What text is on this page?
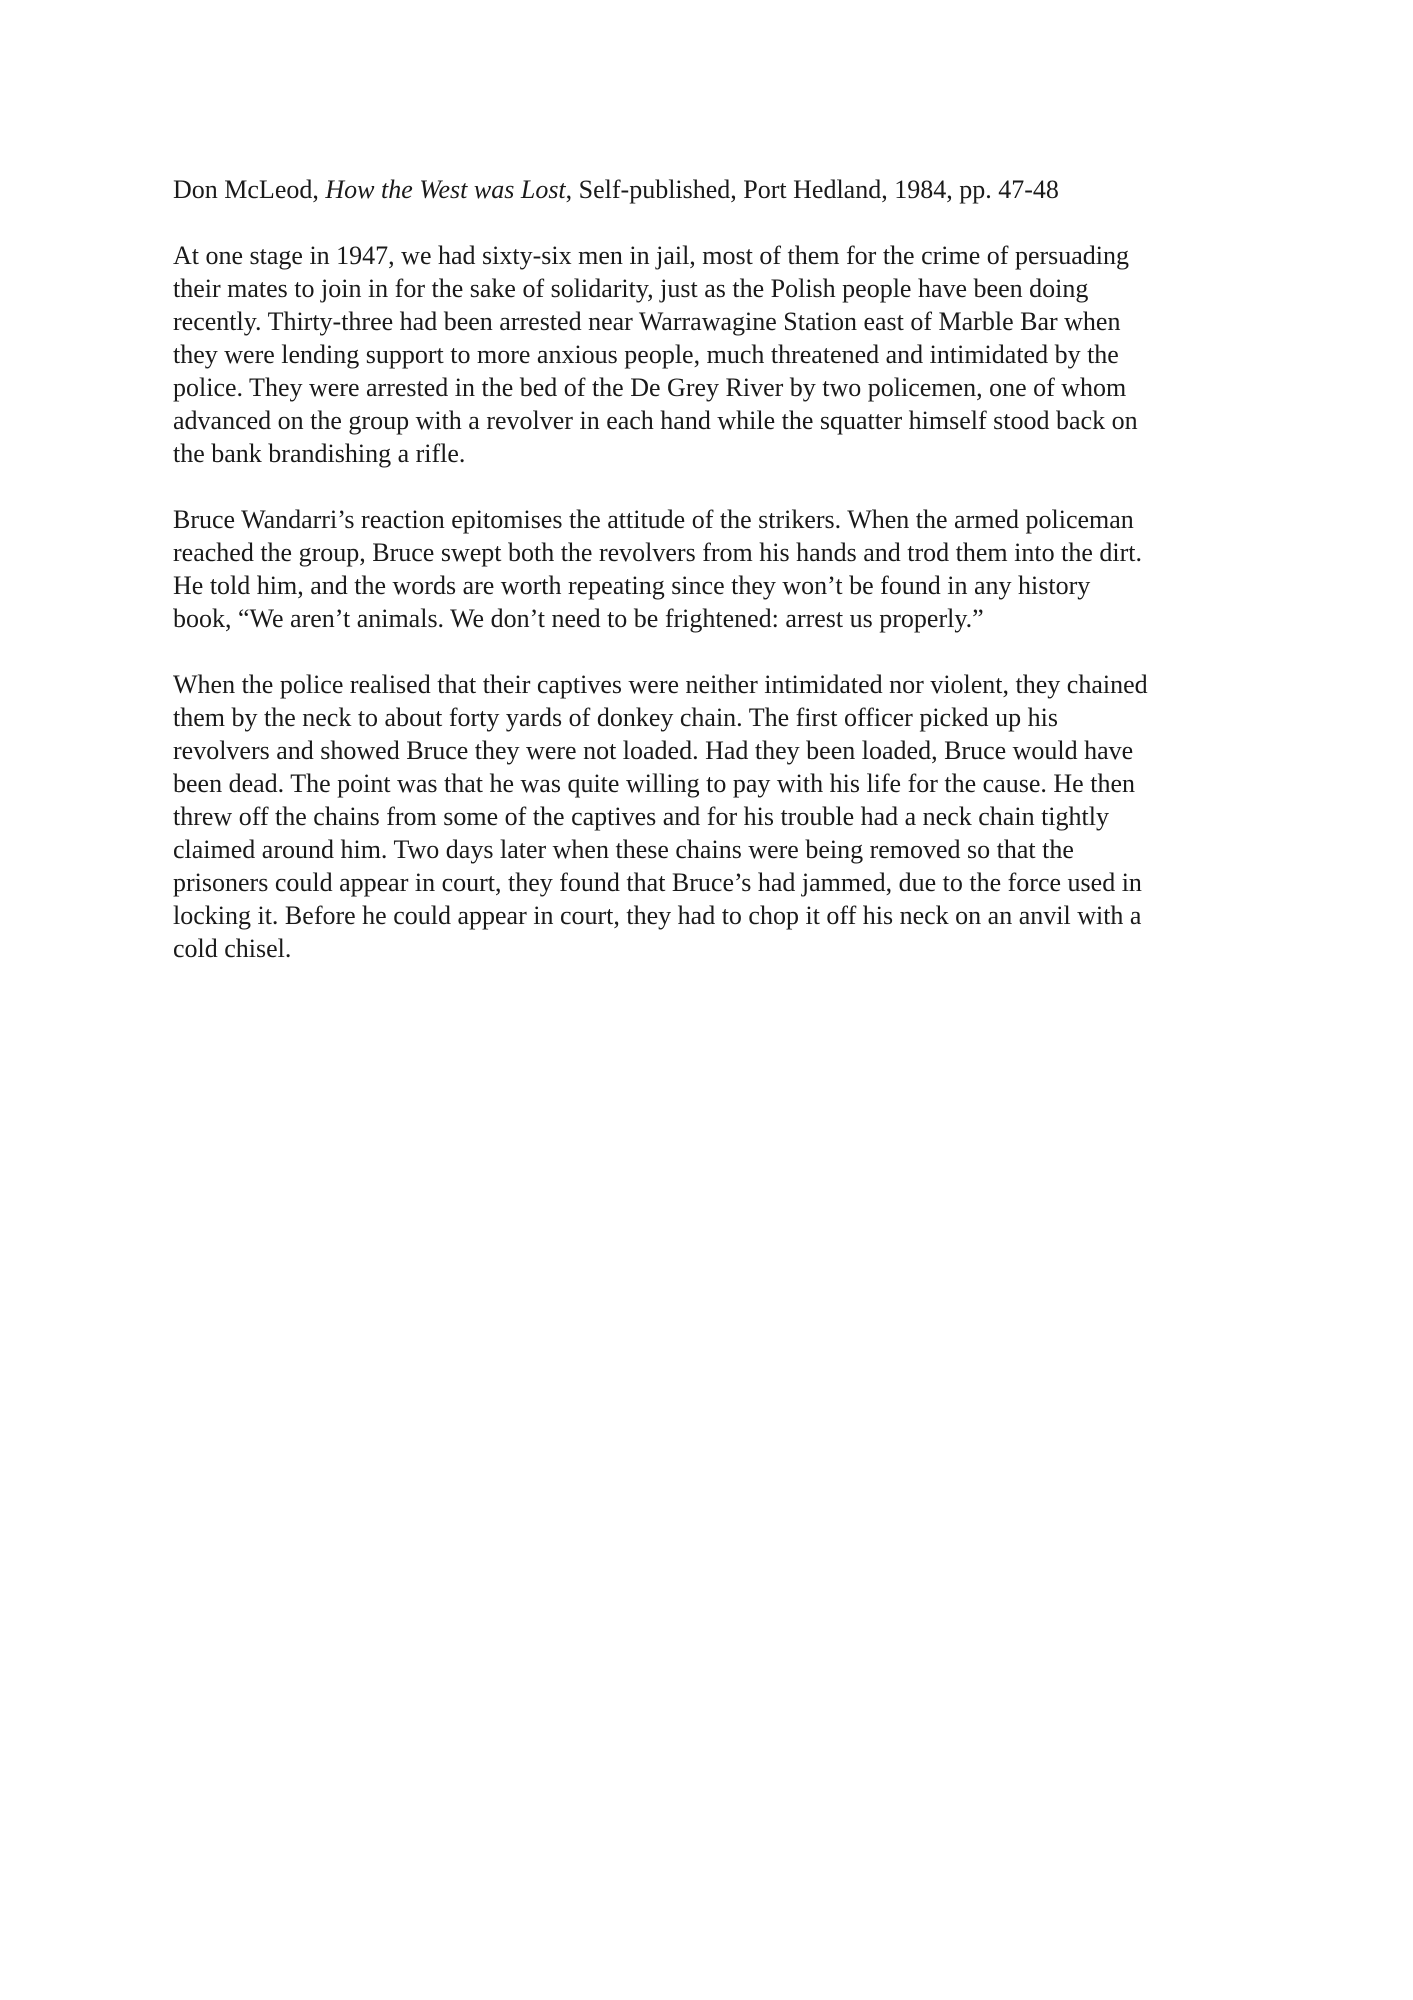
Don McLeod, How the West was Lost, Self-published, Port Hedland, 1984, pp. 47-48

At one stage in 1947, we had sixty-six men in jail, most of them for the crime of persuading
their mates to join in for the sake of solidarity, just as the Polish people have been doing
recently. Thirty-three had been arrested near Warrawagine Station east of Marble Bar when
they were lending support to more anxious people, much threatened and intimidated by the
police. They were arrested in the bed of the De Grey River by two policemen, one of whom
advanced on the group with a revolver in each hand while the squatter himself stood back on
the bank brandishing a rifle.

Bruce Wandarri’s reaction epitomises the attitude of the strikers. When the armed policeman
reached the group, Bruce swept both the revolvers from his hands and trod them into the dirt.
He told him, and the words are worth repeating since they won’t be found in any history
book, “We aren’t animals. We don’t need to be frightened: arrest us properly.”

When the police realised that their captives were neither intimidated nor violent, they chained
them by the neck to about forty yards of donkey chain. The first officer picked up his
revolvers and showed Bruce they were not loaded. Had they been loaded, Bruce would have
been dead. The point was that he was quite willing to pay with his life for the cause. He then
threw off the chains from some of the captives and for his trouble had a neck chain tightly
claimed around him. Two days later when these chains were being removed so that the
prisoners could appear in court, they found that Bruce’s had jammed, due to the force used in
locking it. Before he could appear in court, they had to chop it off his neck on an anvil with a
cold chisel.
